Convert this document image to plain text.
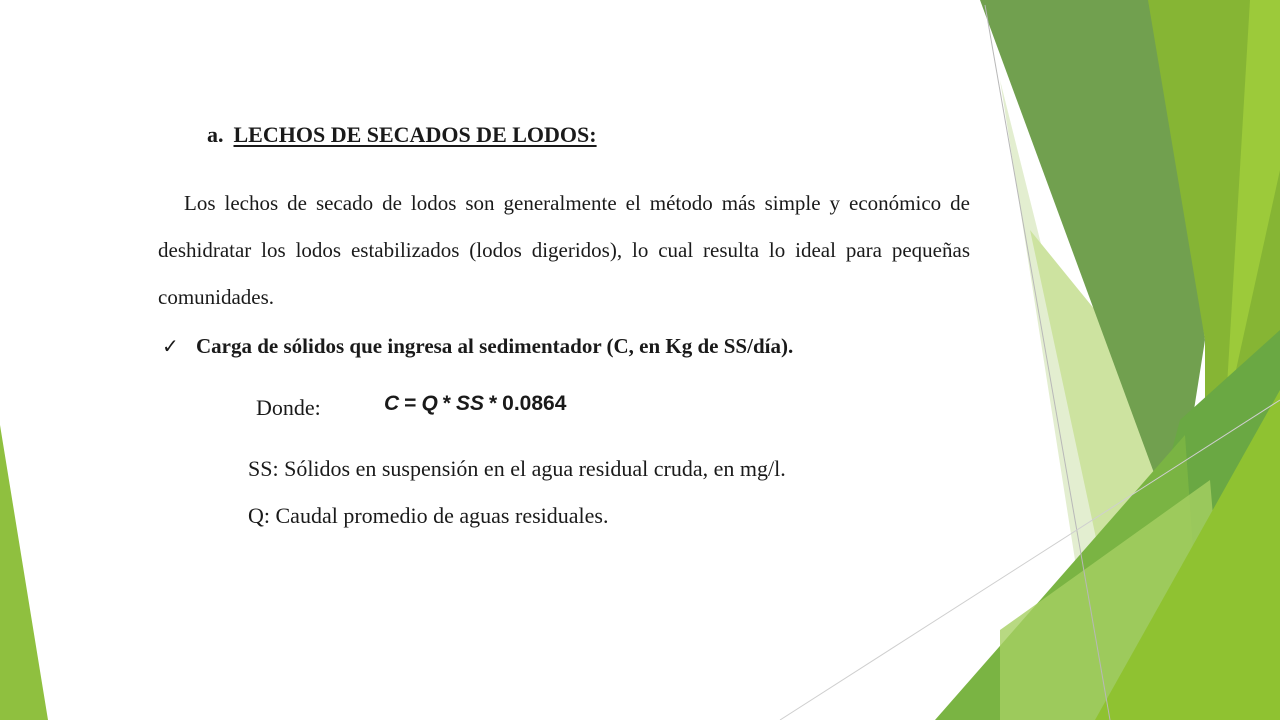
a. LECHOS DE SECADOS DE LODOS:

Los lechos de secado de lodos son generalmente el método más simple y económico de deshidratar los lodos estabilizados (lodos digeridos), lo cual resulta lo ideal para pequeñas comunidades.

✓ Carga de sólidos que ingresa al sedimentador (C, en Kg de SS/día).
Donde:	C = Q * SS * 0.0864
SS: Sólidos en suspensión en el agua residual cruda, en mg/l.
Q: Caudal promedio de aguas residuales.
